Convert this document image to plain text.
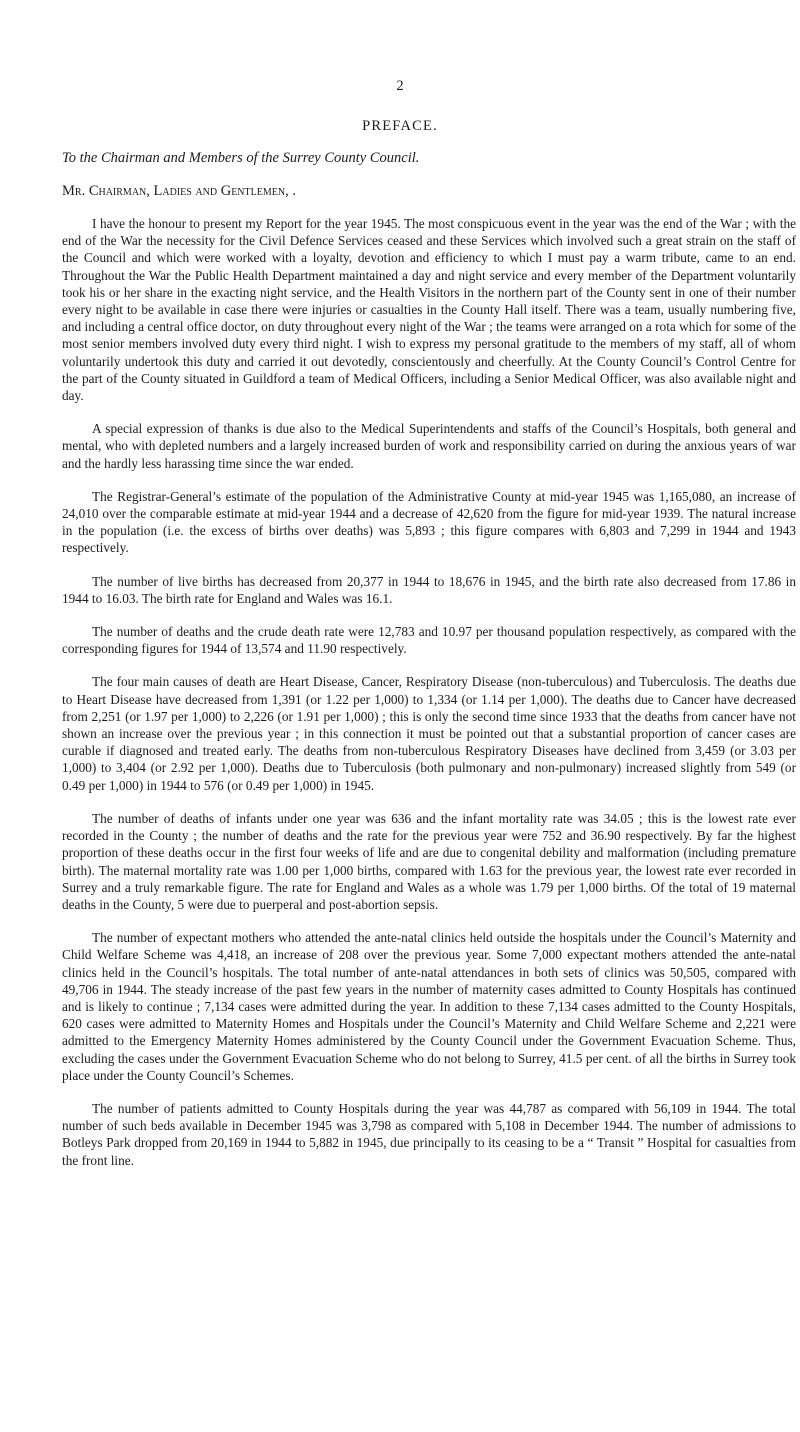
2
PREFACE.
To the Chairman and Members of the Surrey County Council.
Mr. Chairman, Ladies and Gentlemen, .

I have the honour to present my Report for the year 1945. The most conspicuous event in the year was the end of the War ; with the end of the War the necessity for the Civil Defence Services ceased and these Services which involved such a great strain on the staff of the Council and which were worked with a loyalty, devotion and efficiency to which I must pay a warm tribute, came to an end. Throughout the War the Public Health Department maintained a day and night service and every member of the Department voluntarily took his or her share in the exacting night service, and the Health Visitors in the northern part of the County sent in one of their number every night to be available in case there were injuries or casualties in the County Hall itself. There was a team, usually numbering five, and including a central office doctor, on duty throughout every night of the War ; the teams were arranged on a rota which for some of the most senior members involved duty every third night. I wish to express my personal gratitude to the members of my staff, all of whom voluntarily undertook this duty and carried it out devotedly, conscientously and cheerfully. At the County Council’s Control Centre for the part of the County situated in Guildford a team of Medical Officers, including a Senior Medical Officer, was also available night and day.

A special expression of thanks is due also to the Medical Superintendents and staffs of the Council’s Hospitals, both general and mental, who with depleted numbers and a largely increased burden of work and responsibility carried on during the anxious years of war and the hardly less harassing time since the war ended.

The Registrar-General’s estimate of the population of the Administrative County at mid-year 1945 was 1,165,080, an increase of 24,010 over the comparable estimate at mid-year 1944 and a decrease of 42,620 from the figure for mid-year 1939. The natural increase in the population (i.e. the excess of births over deaths) was 5,893 ; this figure compares with 6,803 and 7,299 in 1944 and 1943 respectively.

The number of live births has decreased from 20,377 in 1944 to 18,676 in 1945, and the birth rate also decreased from 17.86 in 1944 to 16.03. The birth rate for England and Wales was 16.1.

The number of deaths and the crude death rate were 12,783 and 10.97 per thousand population respectively, as compared with the corresponding figures for 1944 of 13,574 and 11.90 respectively.

The four main causes of death are Heart Disease, Cancer, Respiratory Disease (non-tuberculous) and Tuberculosis. The deaths due to Heart Disease have decreased from 1,391 (or 1.22 per 1,000) to 1,334 (or 1.14 per 1,000). The deaths due to Cancer have decreased from 2,251 (or 1.97 per 1,000) to 2,226 (or 1.91 per 1,000) ; this is only the second time since 1933 that the deaths from cancer have not shown an increase over the previous year ; in this connection it must be pointed out that a substantial proportion of cancer cases are curable if diagnosed and treated early. The deaths from non-tuberculous Respiratory Diseases have declined from 3,459 (or 3.03 per 1,000) to 3,404 (or 2.92 per 1,000). Deaths due to Tuberculosis (both pulmonary and non-pulmonary) increased slightly from 549 (or 0.49 per 1,000) in 1944 to 576 (or 0.49 per 1,000) in 1945.

The number of deaths of infants under one year was 636 and the infant mortality rate was 34.05 ; this is the lowest rate ever recorded in the County ; the number of deaths and the rate for the previous year were 752 and 36.90 respectively. By far the highest proportion of these deaths occur in the first four weeks of life and are due to congenital debility and malformation (including premature birth). The maternal mortality rate was 1.00 per 1,000 births, compared with 1.63 for the previous year, the lowest rate ever recorded in Surrey and a truly remarkable figure. The rate for England and Wales as a whole was 1.79 per 1,000 births. Of the total of 19 maternal deaths in the County, 5 were due to puerperal and post-abortion sepsis.

The number of expectant mothers who attended the ante-natal clinics held outside the hospitals under the Council’s Maternity and Child Welfare Scheme was 4,418, an increase of 208 over the previous year. Some 7,000 expectant mothers attended the ante-natal clinics held in the Council’s hospitals. The total number of ante-natal attendances in both sets of clinics was 50,505, compared with 49,706 in 1944. The steady increase of the past few years in the number of maternity cases admitted to County Hospitals has continued and is likely to continue ; 7,134 cases were admitted during the year. In addition to these 7,134 cases admitted to the County Hospitals, 620 cases were admitted to Maternity Homes and Hospitals under the Council’s Maternity and Child Welfare Scheme and 2,221 were admitted to the Emergency Maternity Homes administered by the County Council under the Government Evacuation Scheme. Thus, excluding the cases under the Government Evacuation Scheme who do not belong to Surrey, 41.5 per cent. of all the births in Surrey took place under the County Council’s Schemes.

The number of patients admitted to County Hospitals during the year was 44,787 as compared with 56,109 in 1944. The total number of such beds available in December 1945 was 3,798 as compared with 5,108 in December 1944. The number of admissions to Botleys Park dropped from 20,169 in 1944 to 5,882 in 1945, due principally to its ceasing to be a “ Transit ” Hospital for casualties from the front line.
